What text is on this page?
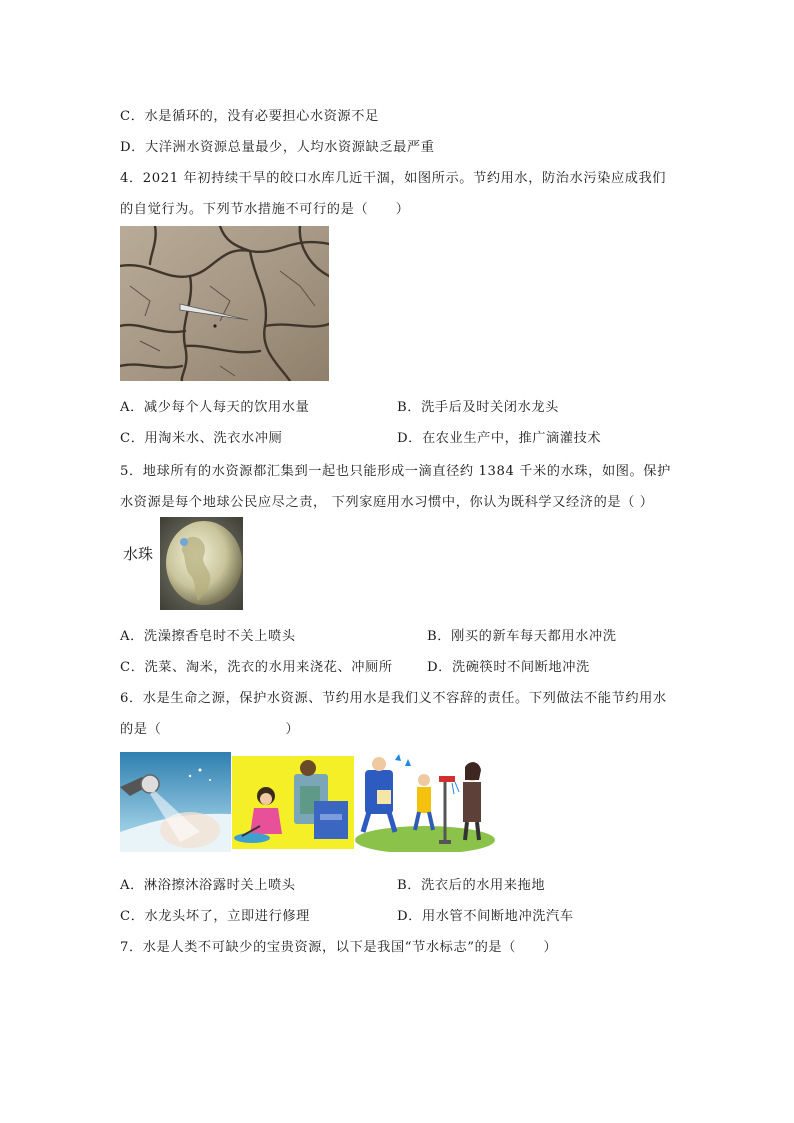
C．水是循环的，没有必要担心水资源不足
D．大洋洲水资源总量最少，人均水资源缺乏最严重
4．2021 年初持续干旱的皎口水库几近干涸，如图所示。节约用水，防治水污染应成我们
的自觉行为。下列节水措施不可行的是（　　）
A．减少每个人每天的饮用水量	B．洗手后及时关闭水龙头
C．用淘米水、洗衣水冲厕	D．在农业生产中，推广滴灌技术
5．地球所有的水资源都汇集到一起也只能形成一滴直径约 1384 千米的水珠，如图。保护
水资源是每个地球公民应尽之责， 下列家庭用水习惯中，你认为既科学又经济的是（ ）
水珠
A．洗澡擦香皂时不关上喷头	B．刚买的新车每天都用水冲洗
C．洗菜、淘米，洗衣的水用来浇花、冲厕所	D．洗碗筷时不间断地冲洗
6．水是生命之源，保护水资源、节约用水是我们义不容辞的责任。下列做法不能节约用水
的是（　　　　　　　　　）
A．淋浴擦沐浴露时关上喷头	B．洗衣后的水用来拖地
C．水龙头坏了，立即进行修理	D．用水管不间断地冲洗汽车
7．水是人类不可缺少的宝贵资源，以下是我国“节水标志”的是（　　）
